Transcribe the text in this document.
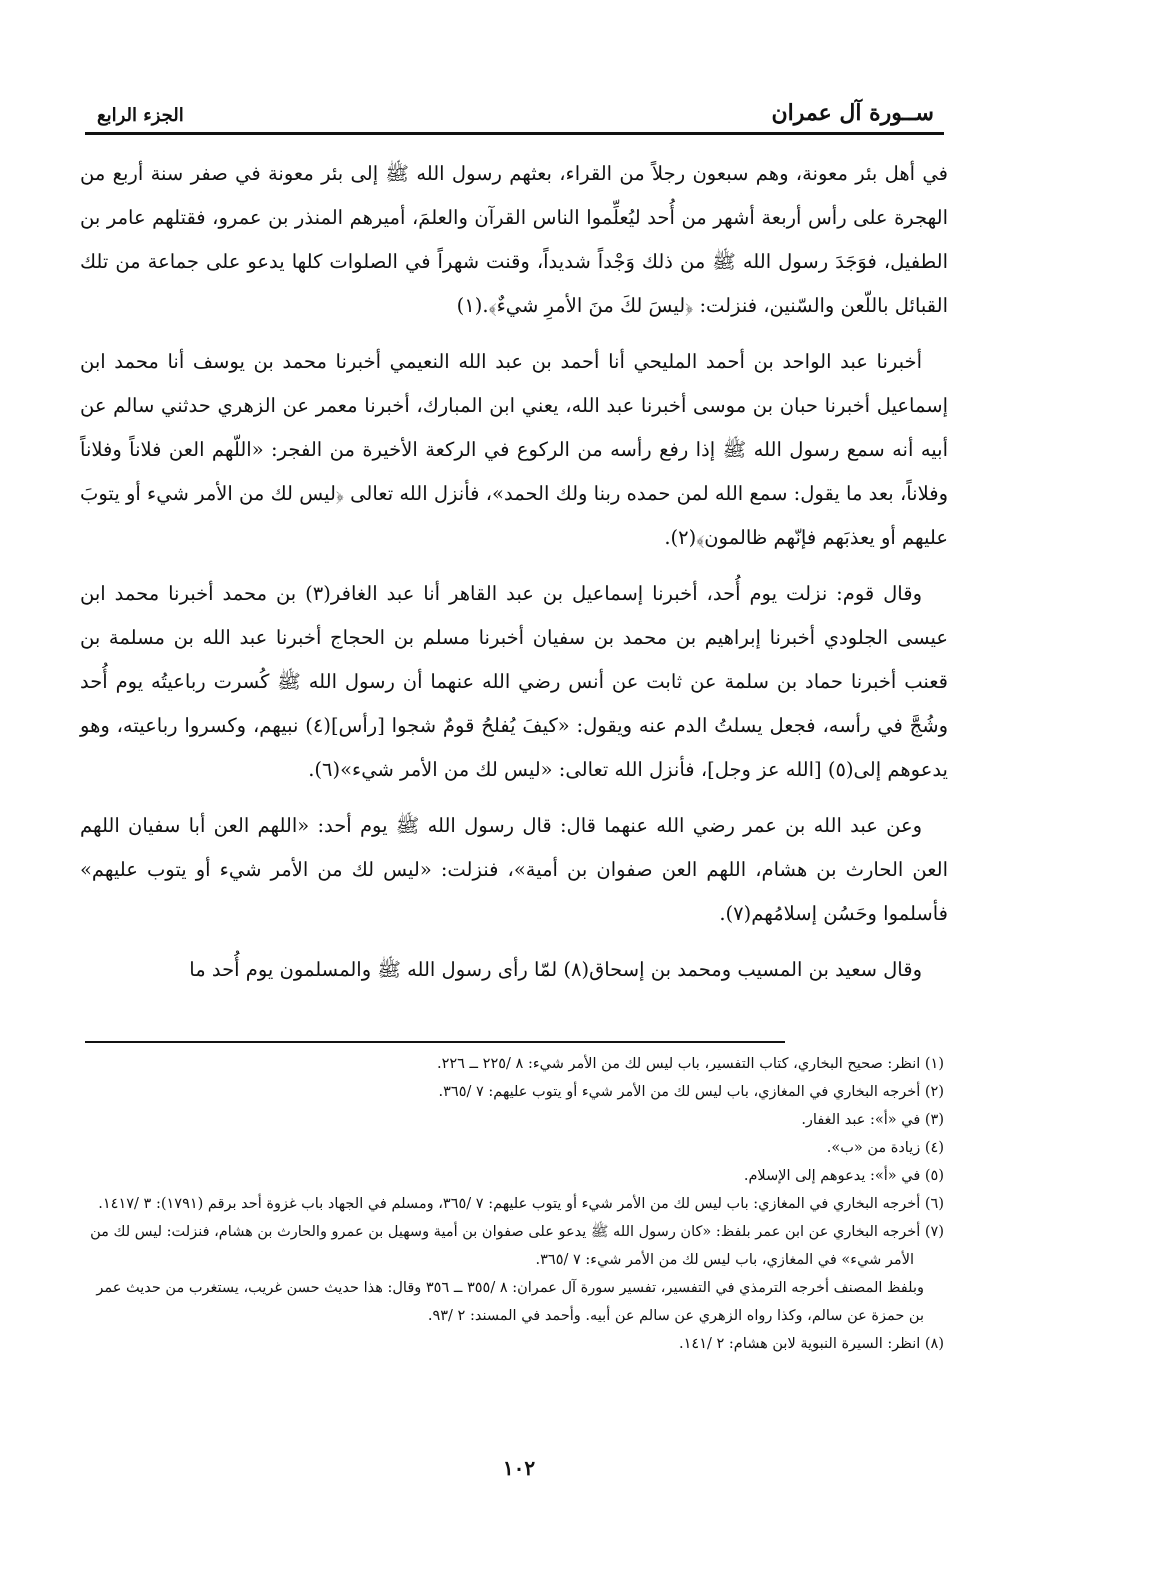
ســورة آل عمران
الجزء الرابع

في أهل بئر معونة، وهم سبعون رجلاً من القراء، بعثهم رسول الله ﷺ إلى بئر معونة في صفر سنة أربع من الهجرة على رأس أربعة أشهر من أُحد ليُعلِّموا الناس القرآن والعلمَ، أميرهم المنذر بن عمرو، فقتلهم عامر بن الطفيل، فوَجَدَ رسول الله ﷺ من ذلك وَجْداً شديداً، وقنت شهراً في الصلوات كلها يدعو على جماعة من تلك القبائل باللّعن والسّنين، فنزلت: ﴿ليسَ لكَ منَ الأمرِ شيءٌ﴾.(١)

أخبرنا عبد الواحد بن أحمد المليحي أنا أحمد بن عبد الله النعيمي أخبرنا محمد بن يوسف أنا محمد ابن إسماعيل أخبرنا حبان بن موسى أخبرنا عبد الله، يعني ابن المبارك، أخبرنا معمر عن الزهري حدثني سالم عن أبيه أنه سمع رسول الله ﷺ إذا رفع رأسه من الركوع في الركعة الأخيرة من الفجر: «اللّهم العن فلاناً وفلاناً وفلاناً، بعد ما يقول: سمع الله لمن حمده ربنا ولك الحمد»، فأنزل الله تعالى ﴿ليس لك من الأمر شيء أو يتوبَ عليهم أو يعذبَهم فإنّهم ظالمون﴾(٢).

وقال قوم: نزلت يوم أُحد، أخبرنا إسماعيل بن عبد القاهر أنا عبد الغافر(٣) بن محمد أخبرنا محمد ابن عيسى الجلودي أخبرنا إبراهيم بن محمد بن سفيان أخبرنا مسلم بن الحجاج أخبرنا عبد الله بن مسلمة بن قعنب أخبرنا حماد بن سلمة عن ثابت عن أنس رضي الله عنهما أن رسول الله ﷺ كُسرت رباعيتُه يوم أُحد وشُجَّ في رأسه، فجعل يسلتُ الدم عنه ويقول: «كيفَ يُفلحُ قومٌ شجوا [رأس](٤) نبيهم، وكسروا رباعيته، وهو يدعوهم إلى(٥) [الله عز وجل]، فأنزل الله تعالى: «ليس لك من الأمر شيء»(٦).

وعن عبد الله بن عمر رضي الله عنهما قال: قال رسول الله ﷺ يوم أحد: «اللهم العن أبا سفيان اللهم العن الحارث بن هشام، اللهم العن صفوان بن أمية»، فنزلت: «ليس لك من الأمر شيء أو يتوب عليهم» فأسلموا وحَسُن إسلامُهم(٧).

وقال سعيد بن المسيب ومحمد بن إسحاق(٨) لمّا رأى رسول الله ﷺ والمسلمون يوم أُحد ما

(١) انظر: صحيح البخاري، كتاب التفسير، باب ليس لك من الأمر شيء: ٨ /٢٢٥ ــ ٢٢٦.

(٢) أخرجه البخاري في المغازي، باب ليس لك من الأمر شيء أو يتوب عليهم: ٧ /٣٦٥.

(٣) في «أ»: عبد الغفار.

(٤) زيادة من «ب».

(٥) في «أ»: يدعوهم إلى الإسلام.

(٦) أخرجه البخاري في المغازي: باب ليس لك من الأمر شيء أو يتوب عليهم: ٧ /٣٦٥، ومسلم في الجهاد باب غزوة أحد برقم (١٧٩١): ٣ /١٤١٧.

(٧) أخرجه البخاري عن ابن عمر بلفظ: «كان رسول الله ﷺ يدعو على صفوان بن أمية وسهيل بن عمرو والحارث بن هشام، فنزلت: ليس لك من الأمر شيء» في المغازي، باب ليس لك من الأمر شيء: ٧ /٣٦٥.

وبلفظ المصنف أخرجه الترمذي في التفسير، تفسير سورة آل عمران: ٨ /٣٥٥ ــ ٣٥٦ وقال: هذا حديث حسن غريب، يستغرب من حديث عمر بن حمزة عن سالم، وكذا رواه الزهري عن سالم عن أبيه. وأحمد في المسند: ٢ /٩٣.

(٨) انظر: السيرة النبوية لابن هشام: ٢ /١٤١.

١٠٢
